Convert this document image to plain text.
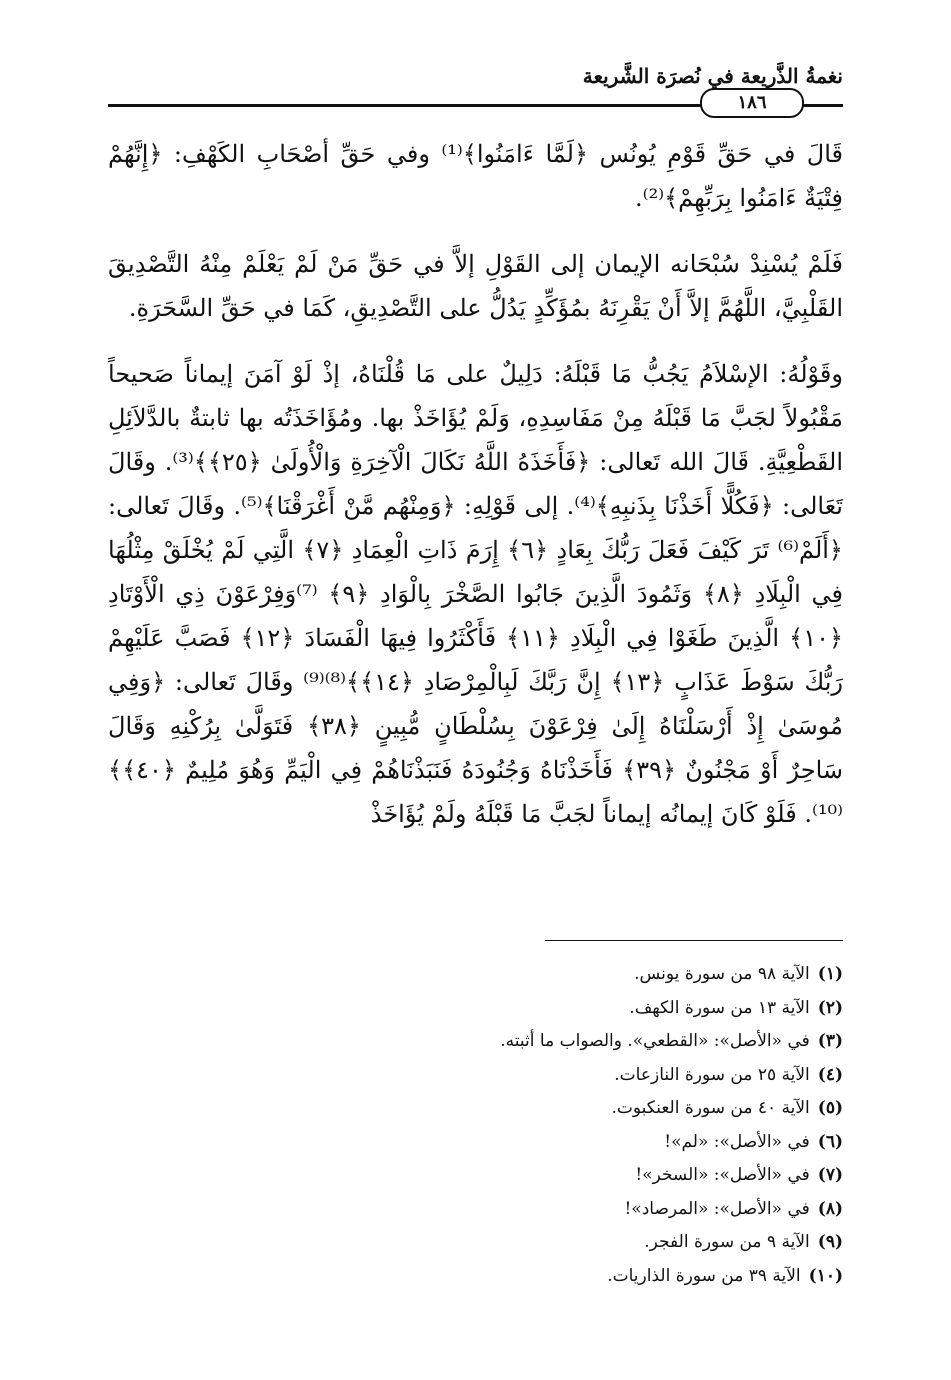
نغمةُ الذَّريعة في نُصرَة الشَّريعة
١٨٦

قَالَ في حَقِّ قَوْمِ يُونُس ﴿لَمَّا ءَامَنُوا﴾⁽¹⁾ وفي حَقِّ أصْحَابِ الكَهْفِ: ﴿إِنَّهُمْ فِتْيَةٌ ءَامَنُوا بِرَبِّهِمْ﴾⁽²⁾.

فَلَمْ يُسْنِدْ سُبْحَانه الإيمان إلى القَوْلِ إلاَّ في حَقِّ مَنْ لَمْ يَعْلَمْ مِنْهُ التَّصْدِيقَ القَلْبِيَّ، اللَّهُمَّ إلاَّ أَنْ يَقْرِنَهُ بمُؤَكِّدٍ يَدُلُّ على التَّصْدِيقِ، كَمَا في حَقِّ السَّحَرَةِ.

وقَوْلُهُ: الإسْلاَمُ يَجُبُّ مَا قَبْلَهُ: دَلِيلٌ على مَا قُلْنَاهُ، إذْ لَوْ آمَنَ إيماناً صَحيحاً مَقْبُولاً لجَبَّ مَا قَبْلَهُ مِنْ مَفَاسِدِهِ، وَلَمْ يُؤَاخَذْ بها. ومُؤَاخَذَتُه بها ثابتةٌ بالدَّلاَئِلِ القَطْعِيَّةِ. قَالَ الله تَعالى: ﴿فَأَخَذَهُ اللَّهُ نَكَالَ الْآخِرَةِ وَالْأُولَىٰ ﴿٢٥﴾﴾⁽³⁾. وقَالَ تَعَالى: ﴿فَكُلًّا أَخَذْنَا بِذَنبِهِ﴾⁽⁴⁾. إلى قَوْلِهِ: ﴿وَمِنْهُم مَّنْ أَغْرَقْنَا﴾⁽⁵⁾. وقَالَ تَعالى: ﴿أَلَمْ⁽⁶⁾ تَرَ كَيْفَ فَعَلَ رَبُّكَ بِعَادٍ ﴿٦﴾ إِرَمَ ذَاتِ الْعِمَادِ ﴿٧﴾ الَّتِي لَمْ يُخْلَقْ مِثْلُهَا فِي الْبِلَادِ ﴿٨﴾ وَثَمُودَ الَّذِينَ جَابُوا الصَّخْرَ بِالْوَادِ ﴿٩﴾ ⁽⁷⁾وَفِرْعَوْنَ ذِي الْأَوْتَادِ ﴿١٠﴾ الَّذِينَ طَغَوْا فِي الْبِلَادِ ﴿١١﴾ فَأَكْثَرُوا فِيهَا الْفَسَادَ ﴿١٢﴾ فَصَبَّ عَلَيْهِمْ رَبُّكَ سَوْطَ عَذَابٍ ﴿١٣﴾ إِنَّ رَبَّكَ لَبِالْمِرْصَادِ ﴿١٤﴾﴾⁽⁸⁾⁽⁹⁾ وقَالَ تَعالى: ﴿وَفِي مُوسَىٰ إِذْ أَرْسَلْنَاهُ إِلَىٰ فِرْعَوْنَ بِسُلْطَانٍ مُّبِينٍ ﴿٣٨﴾ فَتَوَلَّىٰ بِرُكْنِهِ وَقَالَ سَاحِرٌ أَوْ مَجْنُونٌ ﴿٣٩﴾ فَأَخَذْنَاهُ وَجُنُودَهُ فَنَبَذْنَاهُمْ فِي الْيَمِّ وَهُوَ مُلِيمٌ ﴿٤٠﴾﴾⁽¹⁰⁾. فَلَوْ كَانَ إيمانُه إيماناً لجَبَّ مَا قَبْلَهُ ولَمْ يُؤَاخَذْ

(١)الآية ٩٨ من سورة يونس.
(٢)الآية ١٣ من سورة الكهف.
(٣)في «الأصل»: «القطعي». والصواب ما أثبته.
(٤)الآية ٢٥ من سورة النازعات.
(٥)الآية ٤٠ من سورة العنكبوت.
(٦)في «الأصل»: «لم»!
(٧)في «الأصل»: «السخر»!
(٨)في «الأصل»: «المرصاد»!
(٩)الآية ٩ من سورة الفجر.
(١٠)الآية ٣٩ من سورة الذاريات.
